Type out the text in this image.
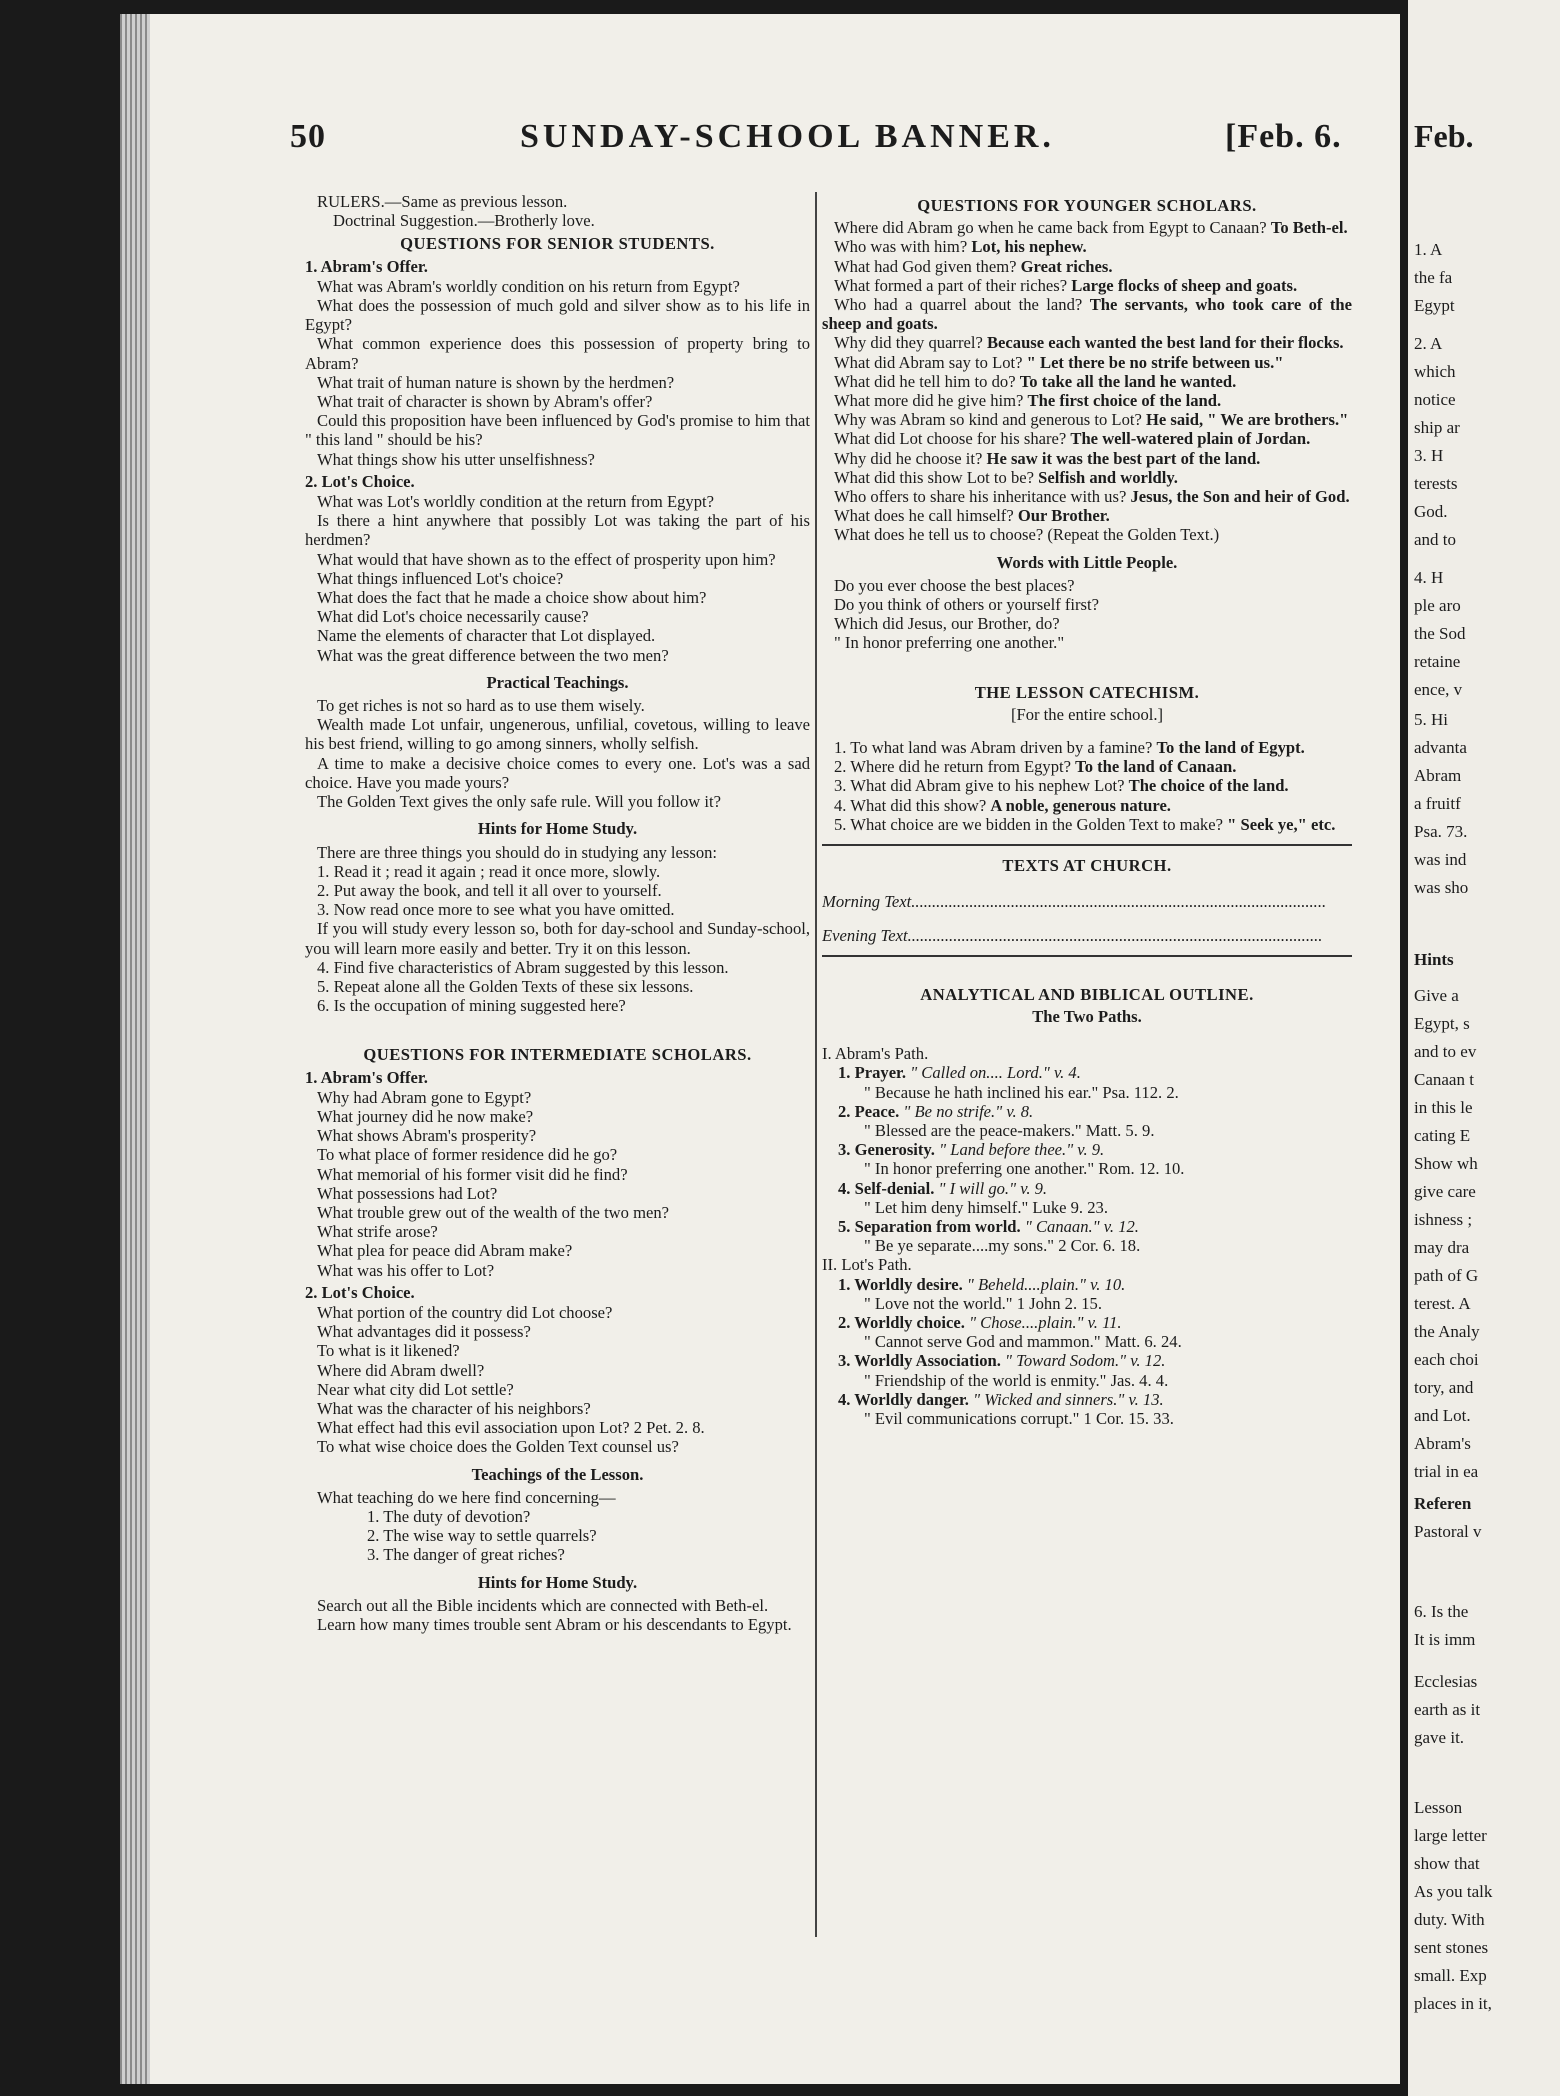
50	SUNDAY-SCHOOL BANNER.	[Feb. 6.

RULERS.—Same as previous lesson.

Doctrinal Suggestion.—Brotherly love.

QUESTIONS FOR SENIOR STUDENTS.
1. Abram's Offer.

What was Abram's worldly condition on his return from Egypt?

What does the possession of much gold and silver show as to his life in Egypt?

What common experience does this possession of property bring to Abram?

What trait of human nature is shown by the herdmen?

What trait of character is shown by Abram's offer?

Could this proposition have been influenced by God's promise to him that " this land " should be his?

What things show his utter unselfishness?

2. Lot's Choice.

What was Lot's worldly condition at the return from Egypt?

Is there a hint anywhere that possibly Lot was taking the part of his herdmen?

What would that have shown as to the effect of prosperity upon him?

What things influenced Lot's choice?

What does the fact that he made a choice show about him?

What did Lot's choice necessarily cause?

Name the elements of character that Lot displayed.

What was the great difference between the two men?

Practical Teachings.

To get riches is not so hard as to use them wisely.

Wealth made Lot unfair, ungenerous, unfilial, covetous, willing to leave his best friend, willing to go among sinners, wholly selfish.

A time to make a decisive choice comes to every one. Lot's was a sad choice. Have you made yours?

The Golden Text gives the only safe rule. Will you follow it?

Hints for Home Study.

There are three things you should do in studying any lesson:

1. Read it ; read it again ; read it once more, slowly.
2. Put away the book, and tell it all over to yourself.
3. Now read once more to see what you have omitted.

If you will study every lesson so, both for day-school and Sunday-school, you will learn more easily and better. Try it on this lesson.

4. Find five characteristics of Abram suggested by this lesson.

5. Repeat alone all the Golden Texts of these six lessons.

6. Is the occupation of mining suggested here?

QUESTIONS FOR INTERMEDIATE SCHOLARS.
1. Abram's Offer.

Why had Abram gone to Egypt?

What journey did he now make?

What shows Abram's prosperity?

To what place of former residence did he go?

What memorial of his former visit did he find?

What possessions had Lot?

What trouble grew out of the wealth of the two men?

What strife arose?

What plea for peace did Abram make?

What was his offer to Lot?

2. Lot's Choice.

What portion of the country did Lot choose?

What advantages did it possess?

To what is it likened?

Where did Abram dwell?

Near what city did Lot settle?

What was the character of his neighbors?

What effect had this evil association upon Lot? 2 Pet. 2. 8.

To what wise choice does the Golden Text counsel us?

Teachings of the Lesson.

What teaching do we here find concerning—

1. The duty of devotion?
2. The wise way to settle quarrels?
3. The danger of great riches?
Hints for Home Study.

Search out all the Bible incidents which are connected with Beth-el.

Learn how many times trouble sent Abram or his descendants to Egypt.

QUESTIONS FOR YOUNGER SCHOLARS.

Where did Abram go when he came back from Egypt to Canaan? To Beth-el.

Who was with him? Lot, his nephew.

What had God given them? Great riches.

What formed a part of their riches? Large flocks of sheep and goats.

Who had a quarrel about the land? The servants, who took care of the sheep and goats.

Why did they quarrel? Because each wanted the best land for their flocks.

What did Abram say to Lot? " Let there be no strife between us."

What did he tell him to do? To take all the land he wanted.

What more did he give him? The first choice of the land.

Why was Abram so kind and generous to Lot? He said, " We are brothers."

What did Lot choose for his share? The well-watered plain of Jordan.

Why did he choose it? He saw it was the best part of the land.

What did this show Lot to be? Selfish and worldly.

Who offers to share his inheritance with us? Jesus, the Son and heir of God.

What does he call himself? Our Brother.

What does he tell us to choose? (Repeat the Golden Text.)

Words with Little People.
Do you ever choose the best places?
Do you think of others or yourself first?
Which did Jesus, our Brother, do?
" In honor preferring one another."
THE LESSON CATECHISM.
[For the entire school.]

1. To what land was Abram driven by a famine? To the land of Egypt.

2. Where did he return from Egypt? To the land of Canaan.

3. What did Abram give to his nephew Lot? The choice of the land.

4. What did this show? A noble, generous nature.

5. What choice are we bidden in the Golden Text to make? " Seek ye," etc.

TEXTS AT CHURCH.
Morning Text....................................................................................................
Evening Text....................................................................................................
ANALYTICAL AND BIBLICAL OUTLINE.
The Two Paths.
I. Abram's Path.
1. Prayer. " Called on.... Lord." v. 4.
" Because he hath inclined his ear." Psa. 112. 2.
2. Peace. " Be no strife." v. 8.
" Blessed are the peace-makers." Matt. 5. 9.
3. Generosity. " Land before thee." v. 9.
" In honor preferring one another." Rom. 12. 10.
4. Self-denial. " I will go." v. 9.
" Let him deny himself." Luke 9. 23.
5. Separation from world. " Canaan." v. 12.
" Be ye separate....my sons." 2 Cor. 6. 18.
II. Lot's Path.
1. Worldly desire. " Beheld....plain." v. 10.
" Love not the world." 1 John 2. 15.
2. Worldly choice. " Chose....plain." v. 11.
" Cannot serve God and mammon." Matt. 6. 24.
3. Worldly Association. " Toward Sodom." v. 12.
" Friendship of the world is enmity." Jas. 4. 4.
4. Worldly danger. " Wicked and sinners." v. 13.
" Evil communications corrupt." 1 Cor. 15. 33.
Feb.
1. A
the fa
Egypt
2. A
which
notice
ship ar
3. H
terests
God.
and to
4. H
ple aro
the Sod
retaine
ence, v
5. Hi
advanta
Abram
a fruitf
Psa. 73.
was ind
was sho
Hints
Give a
Egypt, s
and to ev
Canaan t
in this le
cating E
Show wh
give care
ishness ;
may dra
path of G
terest. A
the Analy
each choi
tory, and
and Lot.
Abram's
trial in ea
Referen
Pastoral v
6. Is the
It is imm
Ecclesias
earth as it
gave it.
Lesson
large letter
show that
As you talk
duty. With
sent stones
small. Exp
places in it,
